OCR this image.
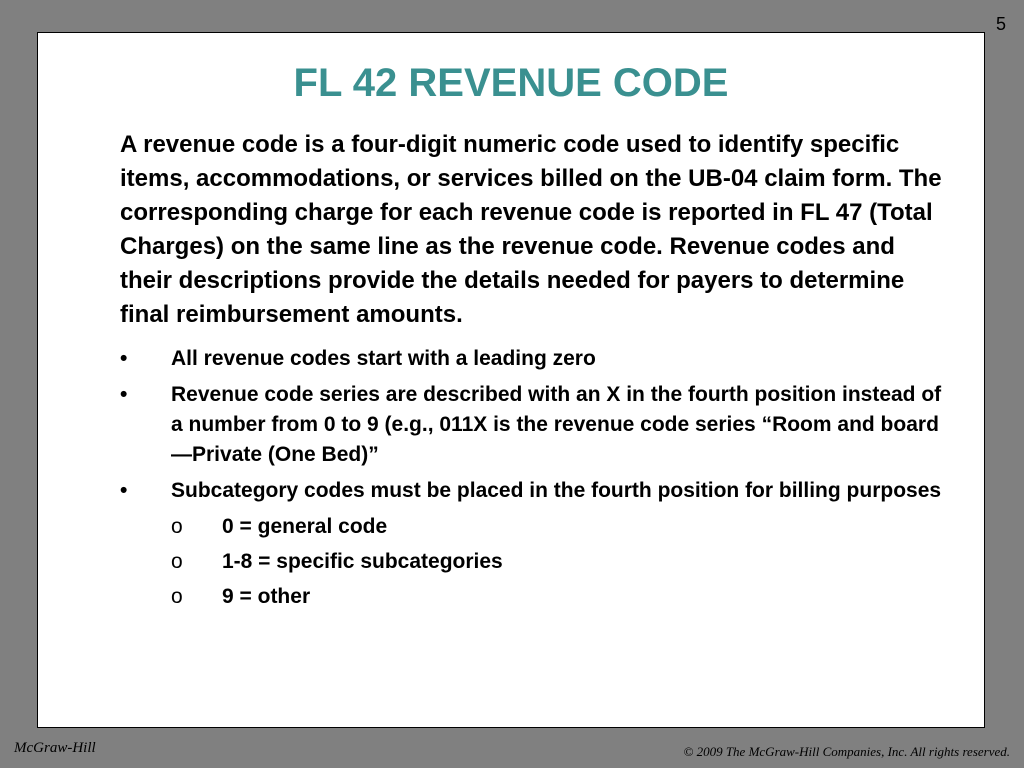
5
FL 42 REVENUE CODE

A revenue code is a four-digit numeric code used to identify specific items, accommodations, or services billed on the UB-04 claim form. The corresponding charge for each revenue code is reported in FL 47 (Total Charges) on the same line as the revenue code. Revenue codes and their descriptions provide the details needed for payers to determine final reimbursement amounts.

•	All revenue codes start with a leading zero
•	Revenue code series are described with an X in the fourth position instead of a number from 0 to 9 (e.g., 011X is the revenue code series “Room and board—Private (One Bed)”
•	Subcategory codes must be placed in the fourth position for billing purposes
o 0 = general code
o 1-8 = specific subcategories
o 9 = other
McGraw-Hill	© 2009 The McGraw-Hill Companies, Inc. All rights reserved.
